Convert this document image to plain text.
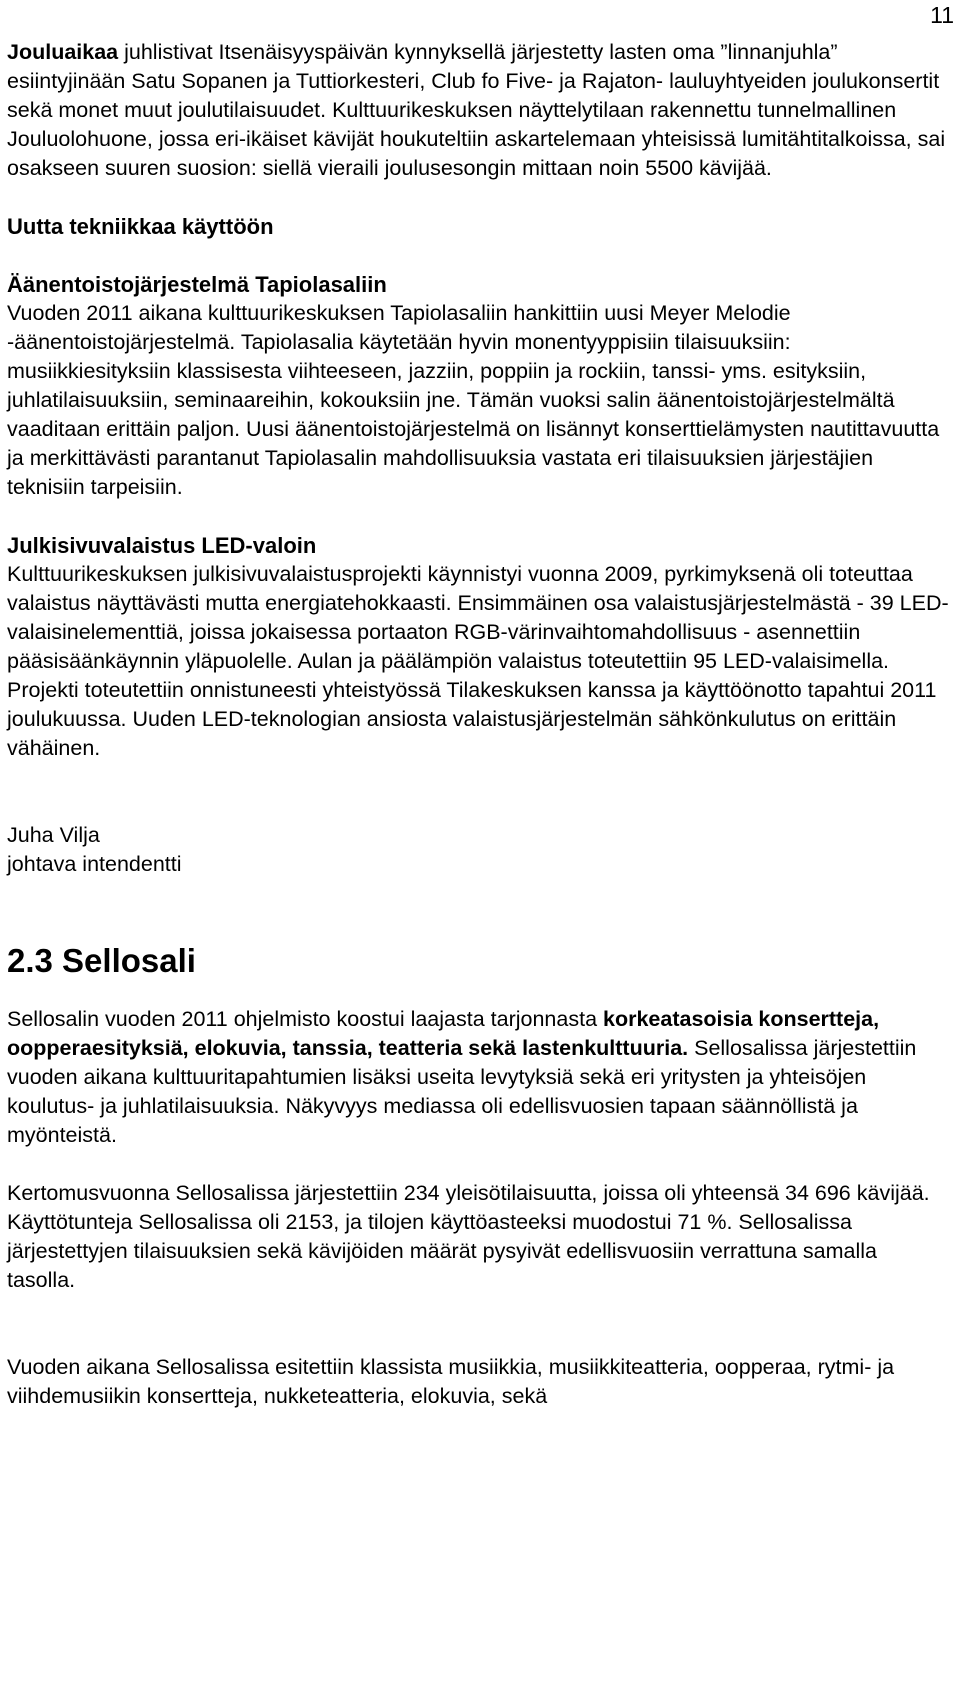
11

Jouluaikaa juhlistivat Itsenäisyyspäivän kynnyksellä järjestetty lasten oma ”linnanjuhla” esiintyjinään Satu Sopanen ja Tuttiorkesteri, Club fo Five- ja Rajaton- lauluyhtyeiden joulukonsertit sekä monet muut joulutilaisuudet. Kulttuurikeskuksen näyttelytilaan rakennettu tunnelmallinen Jouluolohuone, jossa eri-ikäiset kävijät houkuteltiin askartelemaan yhteisissä lumitähtitalkoissa, sai osakseen suuren suosion: siellä vieraili joulusesongin mittaan noin 5500 kävijää.

Uutta tekniikkaa käyttöön

Äänentoistojärjestelmä Tapiolasaliin

Vuoden 2011 aikana kulttuurikeskuksen Tapiolasaliin hankittiin uusi Meyer Melodie -äänentoistojärjestelmä. Tapiolasalia käytetään hyvin monentyyppisiin tilaisuuksiin: musiikkiesityksiin klassisesta viihteeseen, jazziin, poppiin ja rockiin, tanssi- yms. esityksiin, juhlatilaisuuksiin, seminaareihin, kokouksiin jne. Tämän vuoksi salin äänentoistojärjestelmältä vaaditaan erittäin paljon. Uusi äänentoistojärjestelmä on lisännyt konserttielämysten nautittavuutta ja merkittävästi parantanut Tapiolasalin mahdollisuuksia vastata eri tilaisuuksien järjestäjien teknisiin tarpeisiin.

Julkisivuvalaistus LED-valoin

Kulttuurikeskuksen julkisivuvalaistusprojekti käynnistyi vuonna 2009, pyrkimyksenä oli toteuttaa valaistus näyttävästi mutta energiatehokkaasti. Ensimmäinen osa valaistusjärjestelmästä - 39 LED-valaisinelementtiä, joissa jokaisessa portaaton RGB-värinvaihtomahdollisuus - asennettiin pääsisäänkäynnin yläpuolelle. Aulan ja päälämpiön valaistus toteutettiin 95 LED-valaisimella. Projekti toteutettiin onnistuneesti yhteistyössä Tilakeskuksen kanssa ja käyttöönotto tapahtui 2011 joulukuussa. Uuden LED-teknologian ansiosta valaistusjärjestelmän sähkönkulutus on erittäin vähäinen.

Juha Vilja

johtava intendentti

2.3 Sellosali

Sellosalin vuoden 2011 ohjelmisto koostui laajasta tarjonnasta korkeatasoisia konsertteja, oopperaesityksiä, elokuvia, tanssia, teatteria sekä lastenkulttuuria. Sellosalissa järjestettiin vuoden aikana kulttuuritapahtumien lisäksi useita levytyksiä sekä eri yritysten ja yhteisöjen koulutus- ja juhlatilaisuuksia. Näkyvyys mediassa oli edellisvuosien tapaan säännöllistä ja myönteistä.

Kertomusvuonna Sellosalissa järjestettiin 234 yleisötilaisuutta, joissa oli yhteensä 34 696 kävijää. Käyttötunteja Sellosalissa oli 2153, ja tilojen käyttöasteeksi muodostui 71 %. Sellosalissa järjestettyjen tilaisuuksien sekä kävijöiden määrät pysyivät edellisvuosiin verrattuna samalla tasolla.

Vuoden aikana Sellosalissa esitettiin klassista musiikkia, musiikkiteatteria, oopperaa, rytmi- ja viihdemusiikin konsertteja, nukketeatteria, elokuvia, sekä
